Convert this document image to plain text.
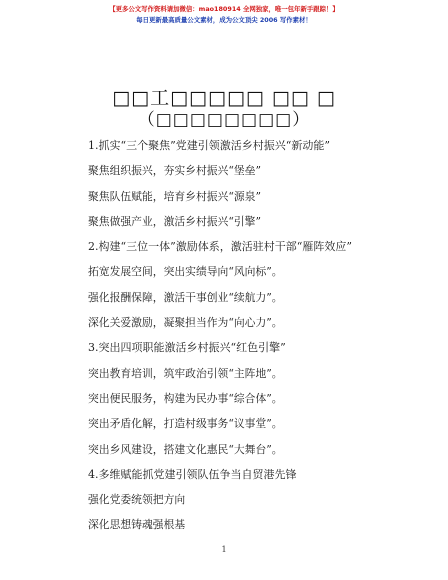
【更多公文写作资料请加微信：mao180914 全网独家，唯一包年新手跟踪！】
每日更新最高质量公文素材，成为公文顶尖 2006 写作素材！
□□工□□□□□ □□ □
（□□□□□□□□）
1.抓实“三个聚焦”党建引领激活乡村振兴“新动能”
聚焦组织振兴，夯实乡村振兴“堡垒”
聚焦队伍赋能，培育乡村振兴“源泉”
聚焦做强产业，激活乡村振兴“引擎”
2.构建“三位一体”激励体系，激活驻村干部“雁阵效应”
拓宽发展空间，突出实绩导向“风向标”。
强化报酬保障，激活干事创业“续航力”。
深化关爱激励，凝聚担当作为“向心力”。
3.突出四项职能激活乡村振兴“红色引擎”
突出教育培训，筑牢政治引领“主阵地”。
突出便民服务，构建为民办事“综合体”。
突出矛盾化解，打造村级事务“议事堂”。
突出乡风建设，搭建文化惠民“大舞台”。
4.多维赋能抓党建引领队伍争当自贸港先锋
强化党委统领把方向
深化思想铸魂强根基
1
